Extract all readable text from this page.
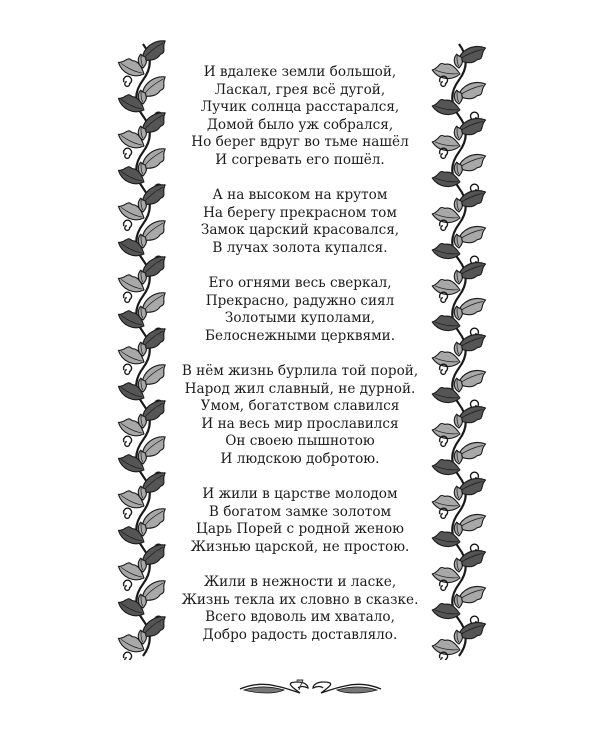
И вдалеке земли большой,
Ласкал, грея всё дугой,
Лучик солнца расстарался,
Домой было уж собрался,
Но берег вдруг во тьме нашёл
И согревать его пошёл.
А на высоком на крутом
На берегу прекрасном том
Замок царский красовался,
В лучах золота купался.
Его огнями весь сверкал,
Прекрасно, радужно сиял
Золотыми куполами,
Белоснежными церквями.
В нём жизнь бурлила той порой,
Народ жил славный, не дурной.
Умом, богатством славился
И на весь мир прославился
Он своею пышнотою
И людскою добротою.
И жили в царстве молодом
В богатом замке золотом
Царь Порей с родной женою
Жизнью царской, не простою.
Жили в нежности и ласке,
Жизнь текла их словно в сказке.
Всего вдоволь им хватало,
Добро радость доставляло.
7
